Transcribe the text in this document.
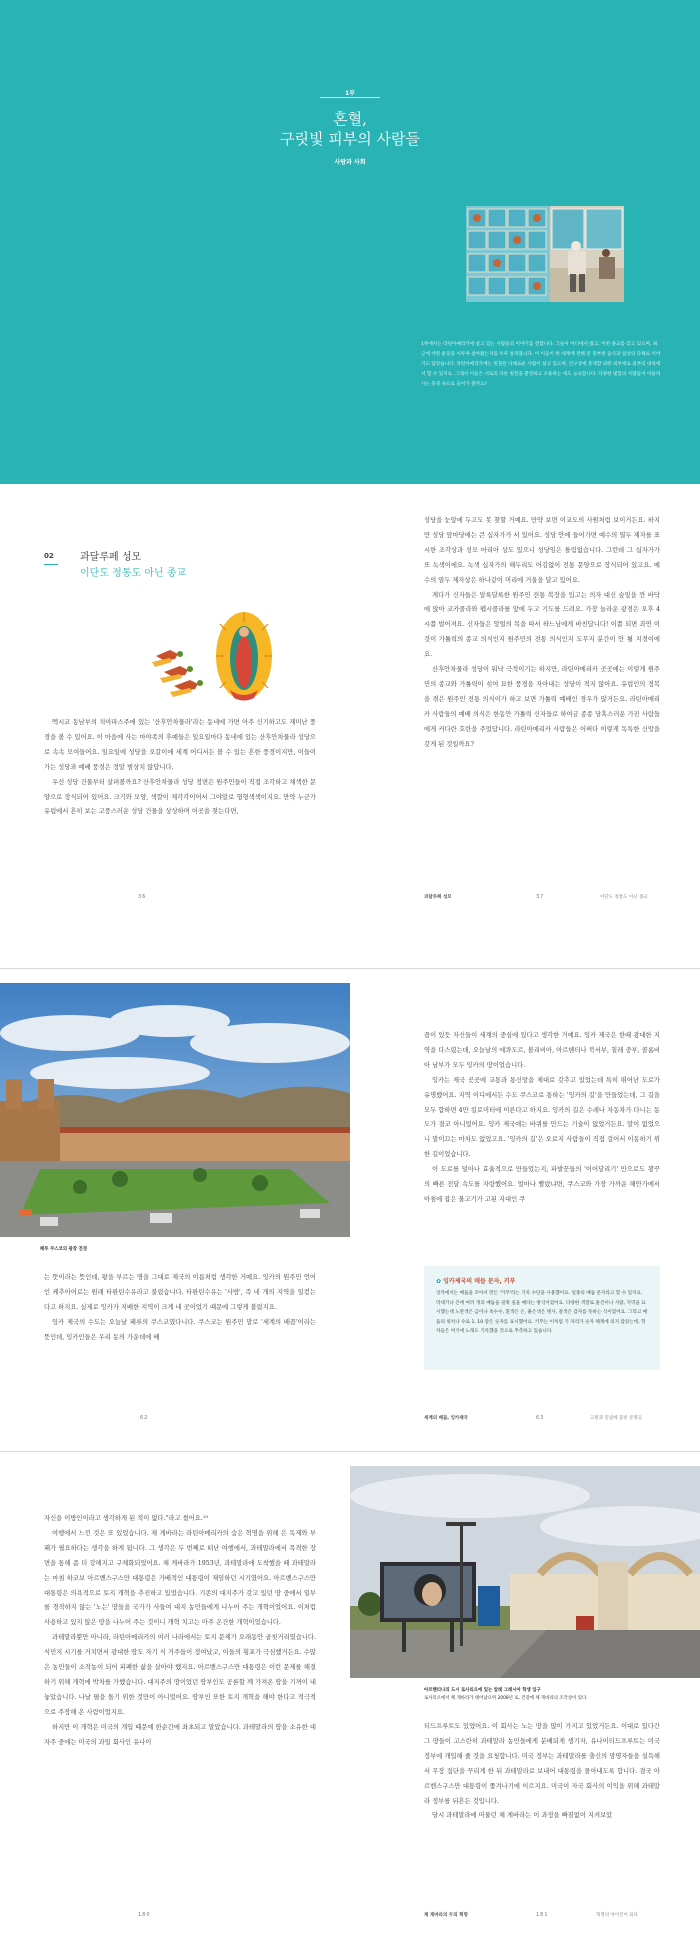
1부
혼혈,
구릿빛 피부의 사람들
사람과 사회
1부에서는 라틴아메리카에 살고 있는 사람들의 이야기를 전합니다. 그들이 어디에서 왔고, 어떤 종교를 갖고 있으며, 최근에 어떤 운동을 이루며 살아왔는지를 두루 살펴봅니다. 이 이들이 한 세계에 전해 준 풍부한 음식과 일상의 다채로 이야기도 담았습니다. 라틴아메리카에는 원칠된 다채로운 사람이 살고 있으며, 인구상에 혼재할 외한 외부세로 외부의 대륙에서 할 수 있지요. 그래서 이들은 서로의 다른 빛깔을 환영하고 포용하는 데도 능숙합니다. 다양한 빛깔의 사람들이 어울려 사는 풍경 속으로 들어가 볼까요?
02	과달루페 성모
이단도 정통도 아닌 종교

멕시코 동남부의 치아파스주에 있는 '산후안차물라'라는 동네에 가면 아주 신기하고도 재미난 풍경을 볼 수 있어요. 이 마을에 사는 마야족의 후예들은 일요일마다 동네에 있는 산후안차물라 성당으로 속속 모여들어요. 일요일에 성당을 오갈이에 세계 어디서든 볼 수 있는 흔한 풍경이지만, 이들이 가는 성당과 예배 풍경은 정말 범상치 않답니다.

우선 성당 건물부터 살펴볼까요? 산후안차물라 성당 정면은 원주민들이 직접 조각하고 채색한 문양으로 장식되어 있어요. 크기와 모양, 색깔이 제각각이어서 그야말로 형형색색이지요. 만약 누군가 유럽에서 흔히 보는 고풍스러운 성당 건물을 상상하며 이곳을 찾는다면,

36

성당을 눈앞에 두고도 못 찾할 거예요. 만약 보면 이교도의 사원처럼 보이거든요. 하지만 성당 앞마당에는 큰 십자가가 서 있어요. 성당 안에 들어가면 예수의 열두 제자를 표시한 조각상과 성모 마리아 상도 있으니 성당임은 틀림없습니다. 그런데 그 십자가가 또 녹색이에요. 녹색 십자가의 해두리도 어김없이 전통 문양으로 장식되어 있고요. 예수의 열두 제자상은 하나같이 머리에 거울을 달고 있어요.

게다가 신자들은 알록달록한 원주민 전통 복장을 입고는 의자 대신 숲잎을 깐 바닥에 앉아 코카콜라와 펩시콜라를 앞에 두고 기도를 드려요. 가장 놀라운 광경은 오후 4시쯤 벌어져요. 신자들은 앙얼의 목을 따서 하느님에게 바친답니다! 이쯤 되면 과연 이것이 가톨릭의 종교 의식인지 원주민의 전통 의식인지 도무지 분간이 안 될 지경이에요.

산후안차물라 성당이 워낙 극적이기는 하지만, 라틴아메리카 곳곳에는 이렇게 원주민의 종교와 가톨릭이 섞여 묘한 풍경을 자아내는 성당이 적지 않아요. 유럽인의 정복을 겪은 원주민 전통 의식이가 하고 보면 가톨릭 예배인 경우가 많거든요. 라틴아메리카 사람들의 예배 의식은 한동안 가톨릭 신자들로 하여금 종종 당혹스러운 가진 사람들에게 커다란 호란을 주었답니다. 라틴아메리카 사람들은 어쩌다 이렇게 독특한 신앙을 갖게 된 것일까요?

과달루페 성모	37	이단도 정통도 아닌 종교
페루 쿠스코의 광장 전경

는 뜻이라는 뜻인데, 왕을 부르는 명을 그대로 제국의 이름처럼 생각한 거예요. 잉카의 원주민 언어인 케추아어로는 원래 타완틴수유라고 불렀습니다. 타완틴수유는 '사방', 즉 네 개의 지역을 일컫는다고 하지요. 실제로 잉카가 지배한 지역이 크게 네 곳이었기 때문에 그렇게 불렀지요.

잉카 제국의 수도는 오늘날 페루의 쿠스코였다니다. 쿠스코는 원주민 말로 '세계의 배꼽'이라는 뜻인데, 잉카인들은 우리 동의 가운데에 배

62

꼽이 있듯 자신들이 세계의 중심에 있다고 생각한 거예요. 잉카 제국은 한때 광대한 지역을 다스렸는데, 오늘날의 에콰도르, 볼리비아, 아르헨티나 북서부, 칠레 중부, 콜롬비아 남부가 모두 잉카의 땅이었습니다.

잉카는 제국 곳곳에 교통과 통신망을 제대로 갖추고 있었는데 특히 뛰어난 도로가 유명했어요. 지역 이디에서든 수도 쿠스코로 통하는 '잉카의 길'을 만들었는데, 그 길을 모두 합하면 4만 킬로미터에 이른다고 하지요. 잉카의 길은 수레나 자동차가 다니는 동도가 결코 아니었어요. 잉카 제국에는 바퀴를 만드는 기술이 없었거든요. 말이 없었으니 말이끄는 마차도 없었고요. '잉카의 길'은 오로지 사람들이 직접 걸어서 이동하기 위한 길이었습니다.

이 도로를 덜아나 효율적으로 만들었는지, 파발꾼들의 '이어달리기' 만으로도 꽝꾸의 빠른 전달 속도를 자랑했어요. 얼마나 빨랐냐면, 쿠스코와 가장 가까운 해안가에서 아침에 잡은 물고기가 고된 지대인 쿠

세계의 배꼽, 잉카제국	63	고원과 밀림에 꽃핀 문명들
✿ 잉카제국의 매듭 문자, 키푸
잉카에서는 매듭을 꼬아서 만든 '키푸'라는 기록 수단을 사용했어요. 일종의 매듭 문자라고 할 수 있지요. 막대기나 끈에 여러 개의 매듭을 길쭉 실을 매다는 방식이었어요. 다양한 색깔로 물건이나 사람, 지역을 표시했는데 노란색은 금이나 옥수수, 흰색은 은, 붉은색은 병사, 갈색은 감자를 뜻하는 식이었어요. 그리고 매듭의 위치나 수로 1, 10 같은 숫자를 표시했어요. 키푸는 이처럼 기 자리가 숫자 체계에 의지 않았는데, 학자들은 여기에 노래도 기록했을 것으로 추측하고 있습니다.

자신을 이방인이라고 생각하게 된 적이 없다."라고 썼어요.¹⁹

여행에서 느낀 것은 또 있었습니다. 제 게바라는 라틴아메리카의 숨은 혁명을 위해 은 독재와 부패가 필요하다는 생각을 하게 됩니다. 그 생각은 두 번째로 떠난 여행에서, 과테말라에서 목격한 장면을 통해 좀 더 강해지고 구체화되었어요. 체 게바라가 1953년, 과테말라에 도착했을 때 과테말라는 마침 하코보 아르벤스구스만 대통령은 가베적인 대통령이 재임하던 시기였어요. 아르벤스구스만 대통령은 의욕적으로 토지 개혁을 추진하고 있었습니다. 기존의 대지주가 갖고 있던 땅 중에서 일부를 경작하지 않는 '노는' 땅들을 국가가 사들여 대지 농민들에게 나누어 주는 개혁이었어요. 이처럼 사용하고 있지 않은 땅을 나누어 주는 것이니 개혁 치고는 아주 온건한 개혁이었습니다.

과테말라뿐만 아니라, 라틴아메리카의 여러 나라에서는 토지 문제가 오래동안 골칫거리였습니다. 식민지 시기를 거치면서 광대한 땅도 자기 식 거주들이 정여났고, 이들의 횡포가 극심했거든요. 수많은 농민들이 소작농이 되어 피폐한 삶을 살아야 했지요. 아르벤스구스만 대통령은 이런 문제를 해결하기 위해 개혁에 박차를 가했습니다. 대지주의 땅이었던 땅부인도 공론할 깨 가져온 땅을 기꺼이 내놓았습니다. 나날 펼을 돌기 위한 것만이 아니었어요. 땅부인 또한 토지 개혁을 해야 한다고 적극적으로 주장해 온 사람이었지요.

하지만 이 개혁은 미국의 개입 때문에 한순간에 좌초되고 말았습니다. 과테말라의 땅을 소유한 대자주 중에는 미국의 과일 회사인 유나이

180
아르헨티나의 도시 로사리오에 있는 알레 그레시아 학생 입구
로사리오에서 체 게바라가 태어났으며 2008년 로, 건강에 체 게바라의 조각상이 있다.

티드프루트도 있었어요. 이 회사는 노는 땅을 많이 가지고 있었거든요. 이대로 있다간 그 땅들이 고스란히 과테말라 농민들에게 분배되게 생기자, 유나이티드프루트는 미국 정부에 개입해 줄 것을 요청합니다. 미국 정부는 과테말라를 출신의 망명자들을 설득해서 무장 집단을 꾸리게 한 뒤 과테말라로 보내어 대통령을 몰아내도록 합니다. 결국 아르벤스구스만 대통령이 쫓겨나기에 이르지요. 미국이 자국 회사의 이익을 위해 과테말라 정부를 뒤흔든 것입니다.

당시 과테말라에 머물던 체 게바라는 이 과정을 빠짐없이 지켜보았

체 게바라의 두의 혁명	181	혁명의 아이콘이 되다
